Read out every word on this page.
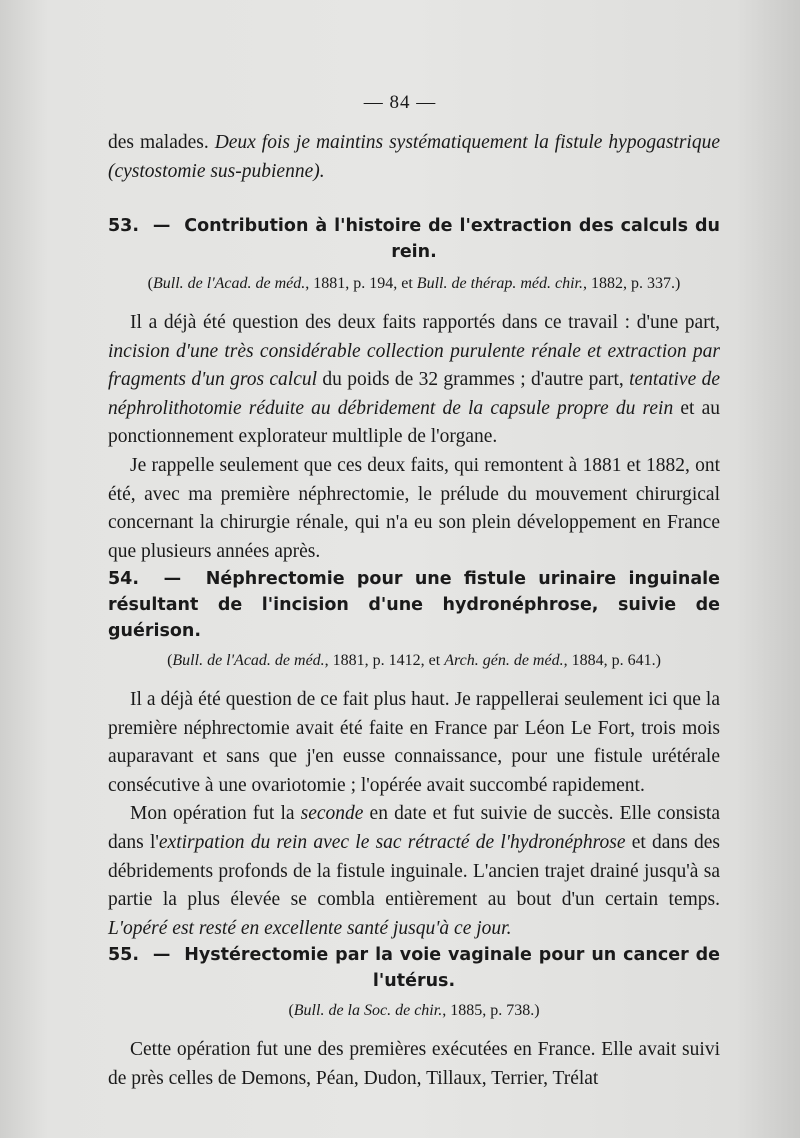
— 84 —

des malades. Deux fois je maintins systématiquement la fistule hypogastrique (cystostomie sus-pubienne).

53. — Contribution à l'histoire de l'extraction des calculs du rein.
(Bull. de l'Acad. de méd., 1881, p. 194, et Bull. de thérap. méd. chir., 1882, p. 337.)

Il a déjà été question des deux faits rapportés dans ce travail : d'une part, incision d'une très considérable collection purulente rénale et extraction par fragments d'un gros calcul du poids de 32 grammes ; d'autre part, tentative de néphrolithotomie réduite au débridement de la capsule propre du rein et au ponctionnement explorateur multliple de l'organe.

Je rappelle seulement que ces deux faits, qui remontent à 1881 et 1882, ont été, avec ma première néphrectomie, le prélude du mouvement chirurgical concernant la chirurgie rénale, qui n'a eu son plein développement en France que plusieurs années après.

54. — Néphrectomie pour une fistule urinaire inguinale résultant de l'incision d'une hydronéphrose, suivie de guérison.
(Bull. de l'Acad. de méd., 1881, p. 1412, et Arch. gén. de méd., 1884, p. 641.)

Il a déjà été question de ce fait plus haut. Je rappellerai seulement ici que la première néphrectomie avait été faite en France par Léon Le Fort, trois mois auparavant et sans que j'en eusse connaissance, pour une fistule urétérale consécutive à une ovariotomie ; l'opérée avait succombé rapidement.

Mon opération fut la seconde en date et fut suivie de succès. Elle consista dans l'extirpation du rein avec le sac rétracté de l'hydronéphrose et dans des débridements profonds de la fistule inguinale. L'ancien trajet drainé jusqu'à sa partie la plus élevée se combla entièrement au bout d'un certain temps. L'opéré est resté en excellente santé jusqu'à ce jour.

55. — Hystérectomie par la voie vaginale pour un cancer de l'utérus.
(Bull. de la Soc. de chir., 1885, p. 738.)

Cette opération fut une des premières exécutées en France. Elle avait suivi de près celles de Demons, Péan, Dudon, Tillaux, Terrier, Trélat
